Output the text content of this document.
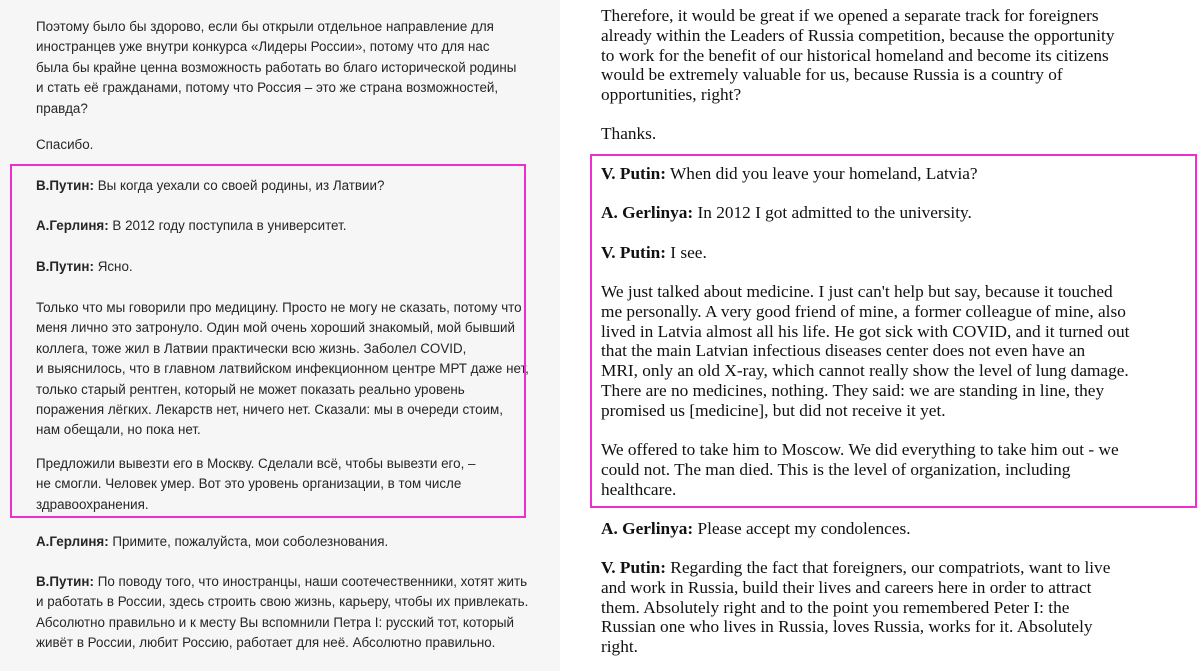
Поэтому было бы здорово, если бы открыли отдельное направление для
иностранцев уже внутри конкурса «Лидеры России», потому что для нас
была бы крайне ценна возможность работать во благо исторической родины
и стать её гражданами, потому что Россия – это же страна возможностей,
правда?

Спасибо.

В.Путин: Вы когда уехали со своей родины, из Латвии?

А.Герлиня: В 2012 году поступила в университет.

В.Путин: Ясно.

Только что мы говорили про медицину. Просто не могу не сказать, потому что
меня лично это затронуло. Один мой очень хороший знакомый, мой бывший
коллега, тоже жил в Латвии практически всю жизнь. Заболел COVID,
и выяснилось, что в главном латвийском инфекционном центре МРТ даже нет,
только старый рентген, который не может показать реально уровень
поражения лёгких. Лекарств нет, ничего нет. Сказали: мы в очереди стоим,
нам обещали, но пока нет.

Предложили вывезти его в Москву. Сделали всё, чтобы вывезти его, –
не смогли. Человек умер. Вот это уровень организации, в том числе
здравоохранения.

А.Герлиня: Примите, пожалуйста, мои соболезнования.

В.Путин: По поводу того, что иностранцы, наши соотечественники, хотят жить
и работать в России, здесь строить свою жизнь, карьеру, чтобы их привлекать.
Абсолютно правильно и к месту Вы вспомнили Петра I: русский тот, который
живёт в России, любит Россию, работает для неё. Абсолютно правильно.

Therefore, it would be great if we opened a separate track for foreigners
already within the Leaders of Russia competition, because the opportunity
to work for the benefit of our historical homeland and become its citizens
would be extremely valuable for us, because Russia is a country of
opportunities, right?

Thanks.

V. Putin: When did you leave your homeland, Latvia?

A. Gerlinya: In 2012 I got admitted to the university.

V. Putin: I see.

We just talked about medicine. I just can't help but say, because it touched
me personally. A very good friend of mine, a former colleague of mine, also
lived in Latvia almost all his life. He got sick with COVID, and it turned out
that the main Latvian infectious diseases center does not even have an
MRI, only an old X-ray, which cannot really show the level of lung damage.
There are no medicines, nothing. They said: we are standing in line, they
promised us [medicine], but did not receive it yet.

We offered to take him to Moscow. We did everything to take him out - we
could not. The man died. This is the level of organization, including
healthcare.

A. Gerlinya: Please accept my condolences.

V. Putin: Regarding the fact that foreigners, our compatriots, want to live
and work in Russia, build their lives and careers here in order to attract
them. Absolutely right and to the point you remembered Peter I: the
Russian one who lives in Russia, loves Russia, works for it. Absolutely
right.
